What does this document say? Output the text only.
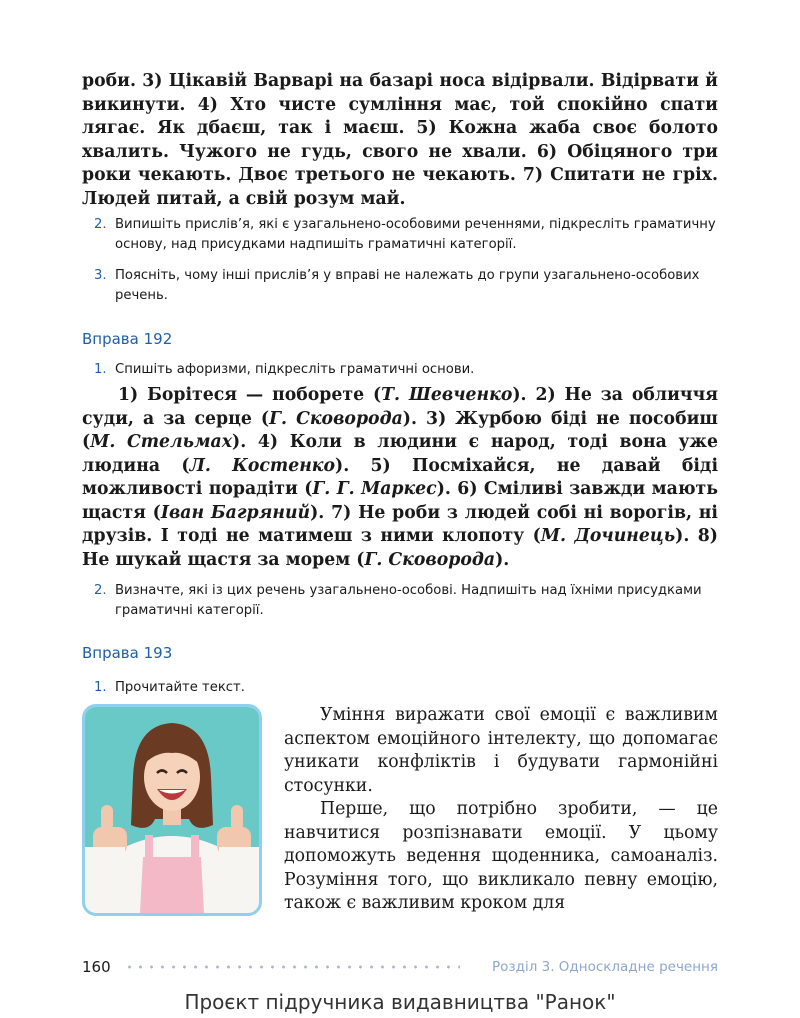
роби. 3) Цікавій Варварі на базарі носа відірвали. Відірвати й викинути. 4) Хто чисте сумління має, той спокійно спати лягає. Як дбаєш, так і маєш. 5) Кожна жаба своє болото хвалить. Чужого не гудь, свого не хвали. 6) Обіцяного три роки чекають. Двоє третього не чекають. 7) Спитати не гріх. Людей питай, а свій розум май.

2. Випишіть прислів’я, які є узагальнено-особовими реченнями, підкресліть граматичну основу, над присудками надпишіть граматичні категорії.
3. Поясніть, чому інші прислів’я у вправі не належать до групи узагальнено-особових речень.
Вправа 192
1. Спишіть афоризми, підкресліть граматичні основи.

1) Борітеся — поборете (Т. Шевченко). 2) Не за обличчя суди, а за серце (Г. Сковорода). 3) Журбою біді не пособиш (М. Стельмах). 4) Коли в людини є народ, тоді вона уже людина (Л. Костенко). 5) Посміхайся, не давай біді можливості порадіти (Г. Г. Маркес). 6) Сміливі завжди мають щастя (Іван Багряний). 7) Не роби з людей собі ні ворогів, ні друзів. І тоді не матимеш з ними клопоту (М. Дочинець). 8) Не шукай щастя за морем (Г. Сковорода).

2. Визначте, які із цих речень узагальнено-особові. Надпишіть над їхніми присудками граматичні категорії.
Вправа 193
1. Прочитайте текст.

Уміння виражати свої емоції є важливим аспектом емоційного інтелекту, що допомагає уникати конфліктів і будувати гармонійні стосунки.

Перше, що потрібно зробити, — це навчитися розпізнавати емоції. У цьому допоможуть ведення щоденника, самоаналіз. Розуміння того, що викликало певну емоцію, також є важливим кроком для

160	Розділ 3. Односкладне речення
Проєкт підручника видавництва "Ранок"
